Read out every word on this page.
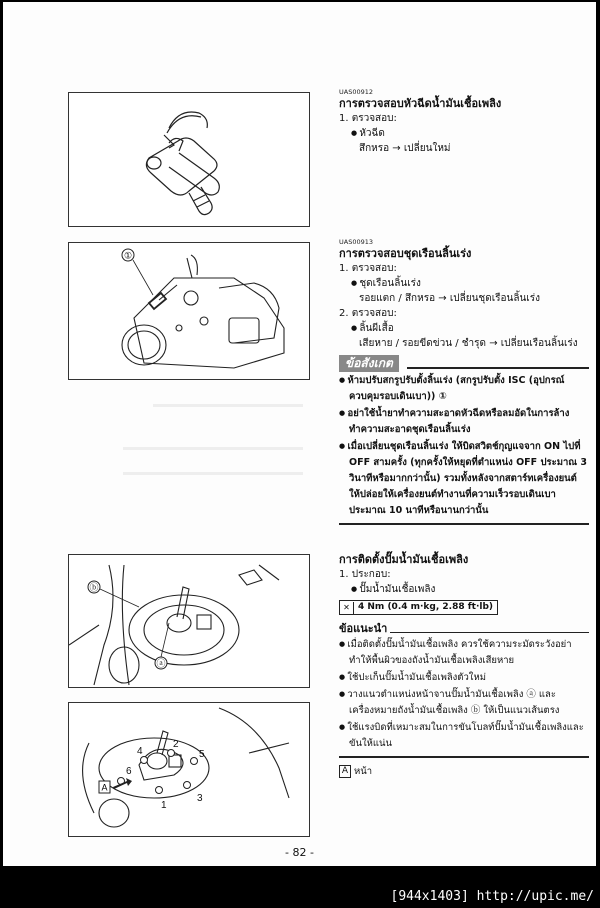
①
ⓑ
ⓐ
1
2
3
4	5
6
A
UAS00912
การตรวจสอบหัวฉีดน้ำมันเชื้อเพลิง
1. ตรวจสอบ:
● หัวฉีด
สึกหรอ → เปลี่ยนใหม่
UAS00913
การตรวจสอบชุดเรือนลิ้นเร่ง
1. ตรวจสอบ:
● ชุดเรือนลิ้นเร่ง
รอยแตก / สึกหรอ → เปลี่ยนชุดเรือนลิ้นเร่ง
2. ตรวจสอบ:
● ลิ้นผีเสื้อ
เสียหาย / รอยขีดข่วน / ชำรุด → เปลี่ยนเรือนลิ้นเร่ง
ข้อสังเกต
● ห้ามปรับสกรูปรับตั้งลิ้นเร่ง (สกรูปรับตั้ง ISC (อุปกรณ์ควบคุมรอบเดินเบา)) ①
● อย่าใช้น้ำยาทำความสะอาดหัวฉีดหรือลมอัดในการล้างทำความสะอาดชุดเรือนลิ้นเร่ง
● เมื่อเปลี่ยนชุดเรือนลิ้นเร่ง ให้บิดสวิตช์กุญแจจาก ON ไปที่ OFF สามครั้ง (ทุกครั้งให้หยุดที่ตำแหน่ง OFF ประมาณ 3 วินาทีหรือมากกว่านั้น) รวมทั้งหลังจากสตาร์ทเครื่องยนต์ ให้ปล่อยให้เครื่องยนต์ทำงานที่ความเร็วรอบเดินเบาประมาณ 10 นาทีหรือนานกว่านั้น
การติดตั้งปั๊มน้ำมันเชื้อเพลิง
1. ประกอบ:
● ปั๊มน้ำมันเชื้อเพลิง
✕ 4 Nm (0.4 m·kg, 2.88 ft·lb)
ข้อแนะนำ
● เมื่อติดตั้งปั๊มน้ำมันเชื้อเพลิง ควรใช้ความระมัดระวังอย่าทำให้พื้นผิวของถังน้ำมันเชื้อเพลิงเสียหาย
● ใช้ปะเก็นปั๊มน้ำมันเชื้อเพลิงตัวใหม่
● วางแนวตำแหน่งหน้าจานปั๊มน้ำมันเชื้อเพลิง ⓐ และเครื่องหมายถังน้ำมันเชื้อเพลิง ⓑ ให้เป็นแนวเส้นตรง
● ใช้แรงบิดที่เหมาะสมในการขันโบลท์ปั๊มน้ำมันเชื้อเพลิงและขันให้แน่น
A หน้า
- 82 -
[944x1403] http://upic.me/
